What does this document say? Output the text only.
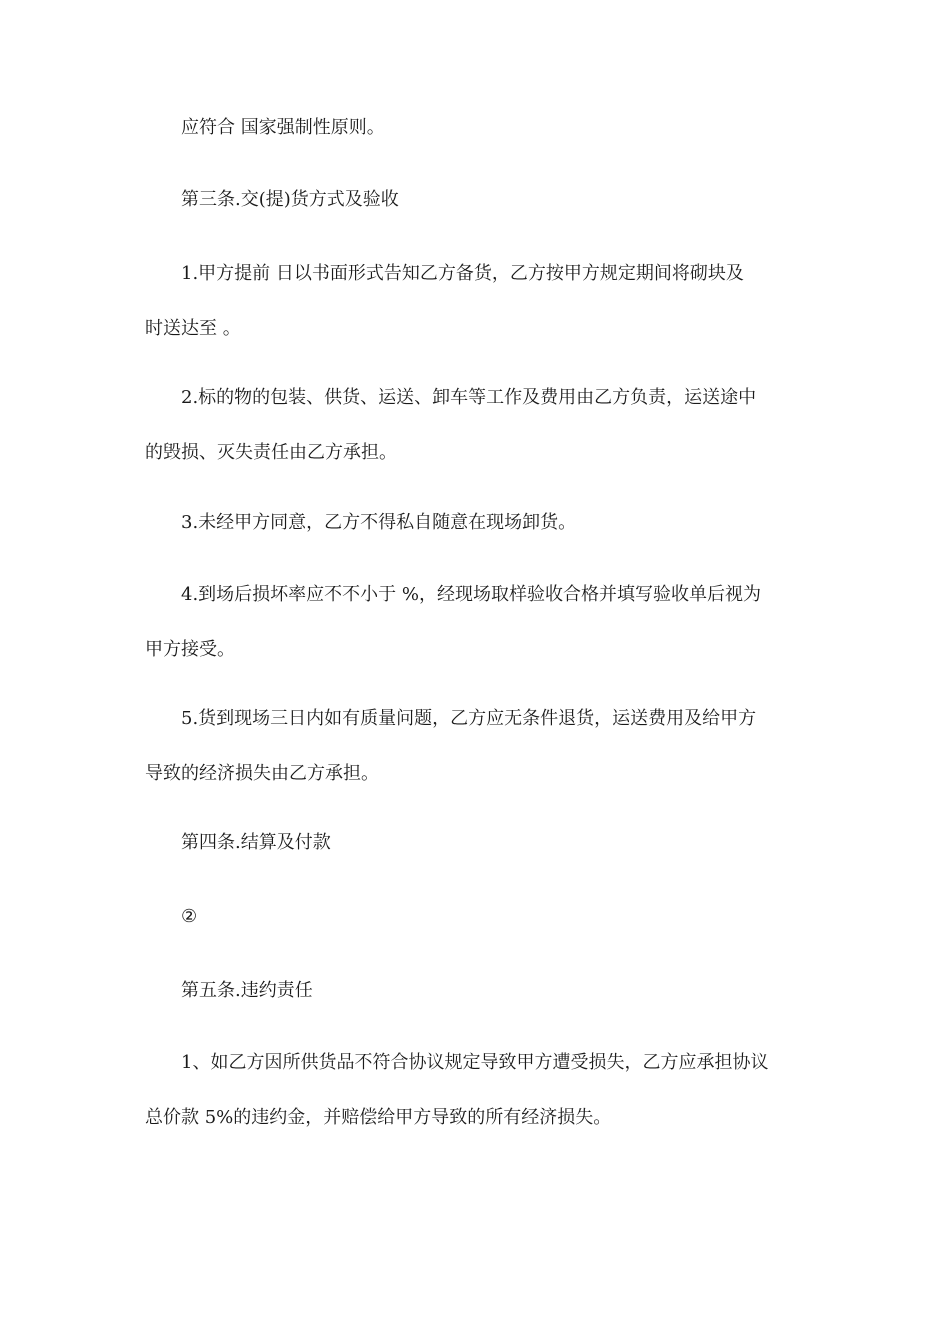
应符合 国家强制性原则。

第三条.交(提)货方式及验收

1.甲方提前 日以书面形式告知乙方备货，乙方按甲方规定期间将砌块及
时送达至 。

2.标的物的包装、供货、运送、卸车等工作及费用由乙方负责，运送途中
的毁损、灭失责任由乙方承担。

3.未经甲方同意，乙方不得私自随意在现场卸货。

4.到场后损坏率应不不小于 %，经现场取样验收合格并填写验收单后视为
甲方接受。

5.货到现场三日内如有质量问题，乙方应无条件退货，运送费用及给甲方
导致的经济损失由乙方承担。

第四条.结算及付款

②

第五条.违约责任

1、如乙方因所供货品不符合协议规定导致甲方遭受损失，乙方应承担协议
总价款 5%的违约金，并赔偿给甲方导致的所有经济损失。
